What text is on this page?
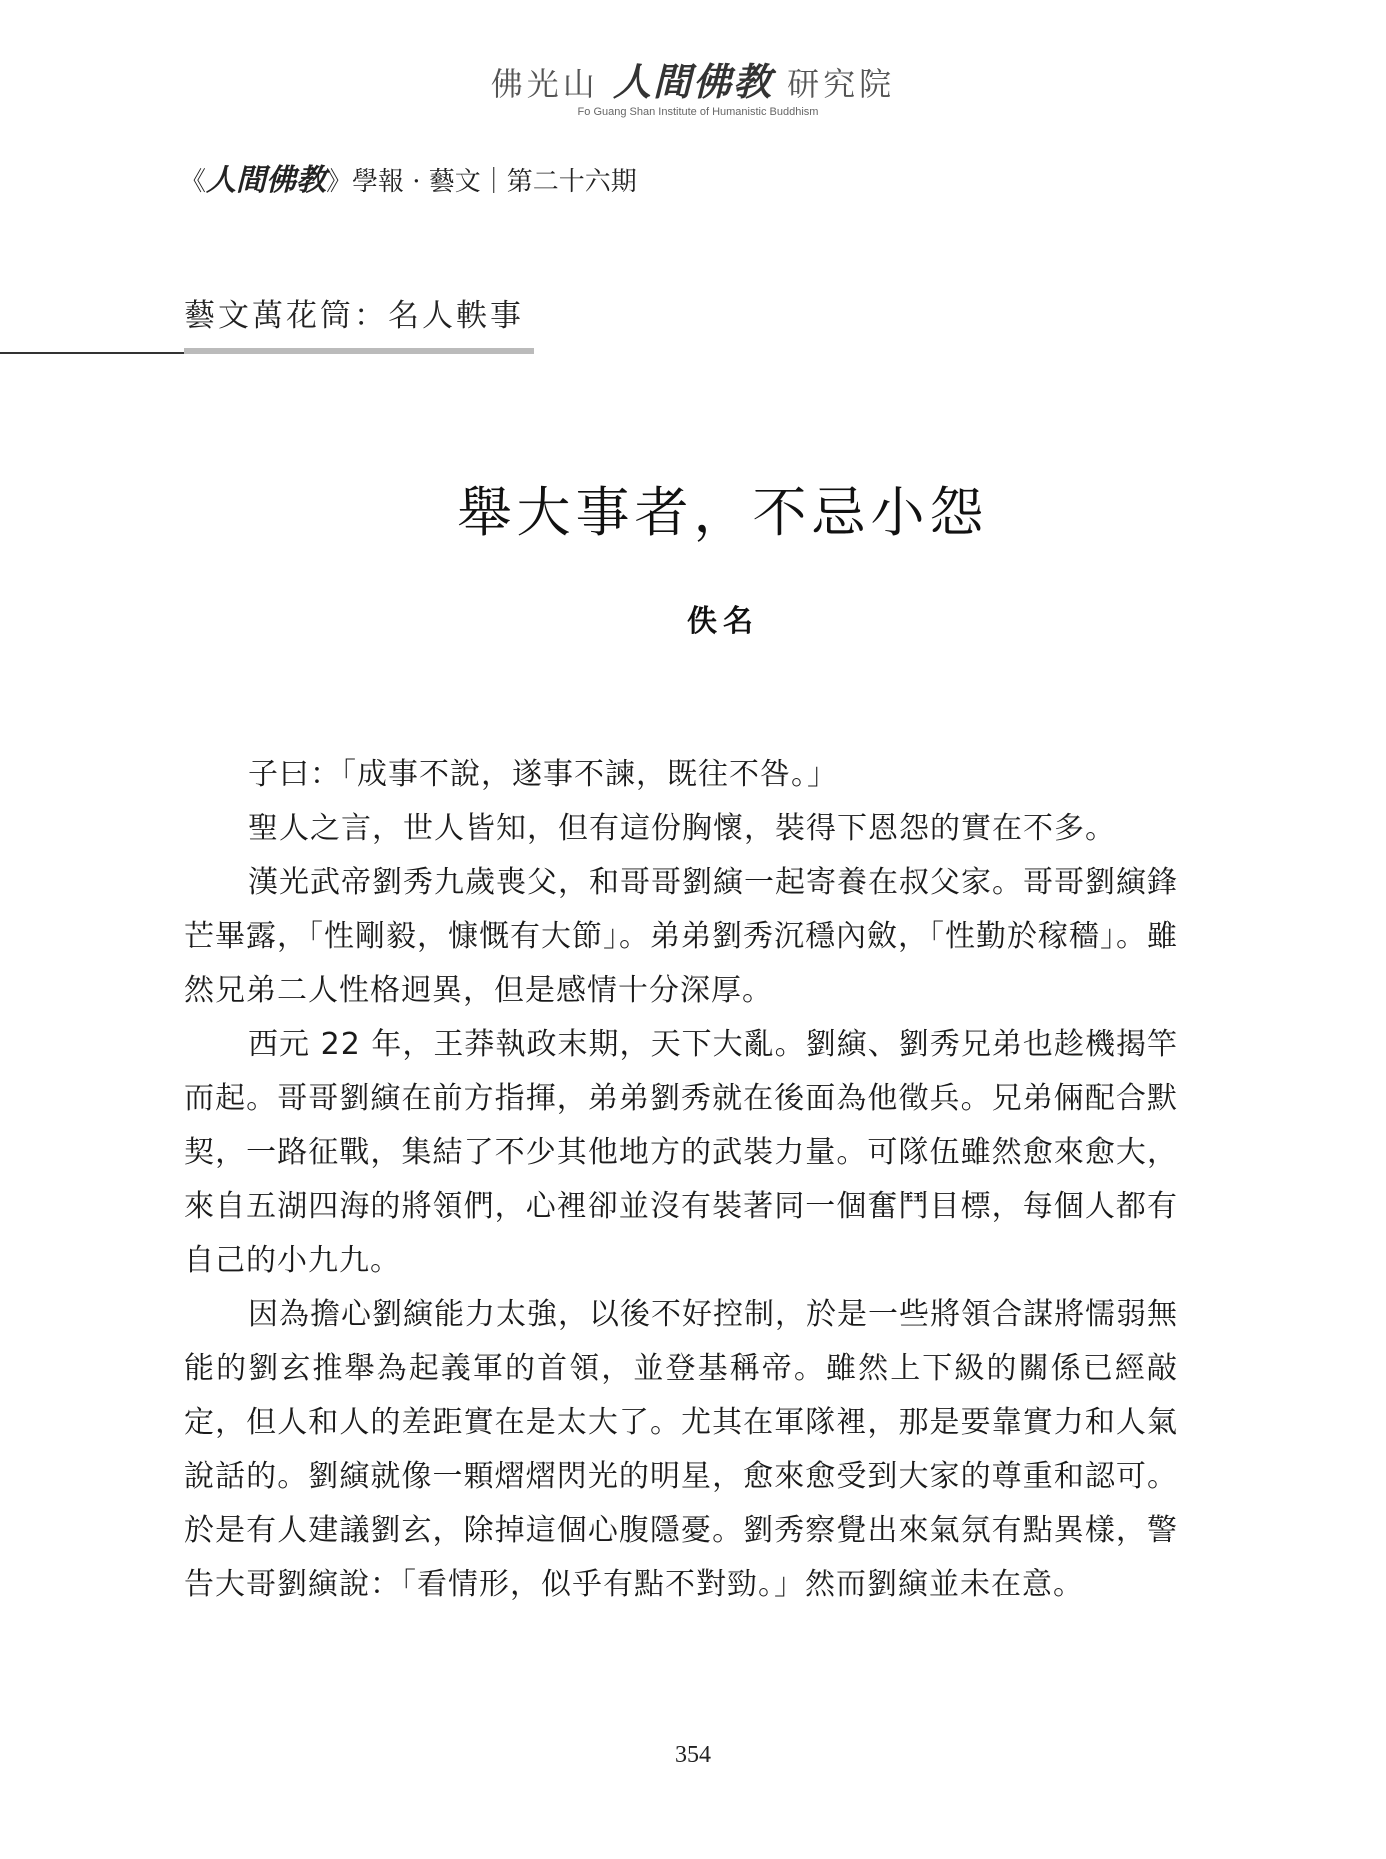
佛光山 人間佛教 研究院
Fo Guang Shan Institute of Humanistic Buddhism
《人間佛教》學報 · 藝文｜第二十六期
藝文萬花筒：名人軼事
舉大事者，不忌小怨
佚名

子曰：「成事不說，遂事不諫，既往不咎。」

聖人之言，世人皆知，但有這份胸懷，裝得下恩怨的實在不多。

漢光武帝劉秀九歲喪父，和哥哥劉縯一起寄養在叔父家。哥哥劉縯鋒芒畢露，「性剛毅，慷慨有大節」。弟弟劉秀沉穩內斂，「性勤於稼穡」。雖然兄弟二人性格迥異，但是感情十分深厚。

西元 22 年，王莽執政末期，天下大亂。劉縯、劉秀兄弟也趁機揭竿而起。哥哥劉縯在前方指揮，弟弟劉秀就在後面為他徵兵。兄弟倆配合默契，一路征戰，集結了不少其他地方的武裝力量。可隊伍雖然愈來愈大，來自五湖四海的將領們，心裡卻並沒有裝著同一個奮鬥目標，每個人都有自己的小九九。

因為擔心劉縯能力太強，以後不好控制，於是一些將領合謀將懦弱無能的劉玄推舉為起義軍的首領，並登基稱帝。雖然上下級的關係已經敲定，但人和人的差距實在是太大了。尤其在軍隊裡，那是要靠實力和人氣說話的。劉縯就像一顆熠熠閃光的明星，愈來愈受到大家的尊重和認可。於是有人建議劉玄，除掉這個心腹隱憂。劉秀察覺出來氣氛有點異樣，警告大哥劉縯說：「看情形，似乎有點不對勁。」然而劉縯並未在意。

354
